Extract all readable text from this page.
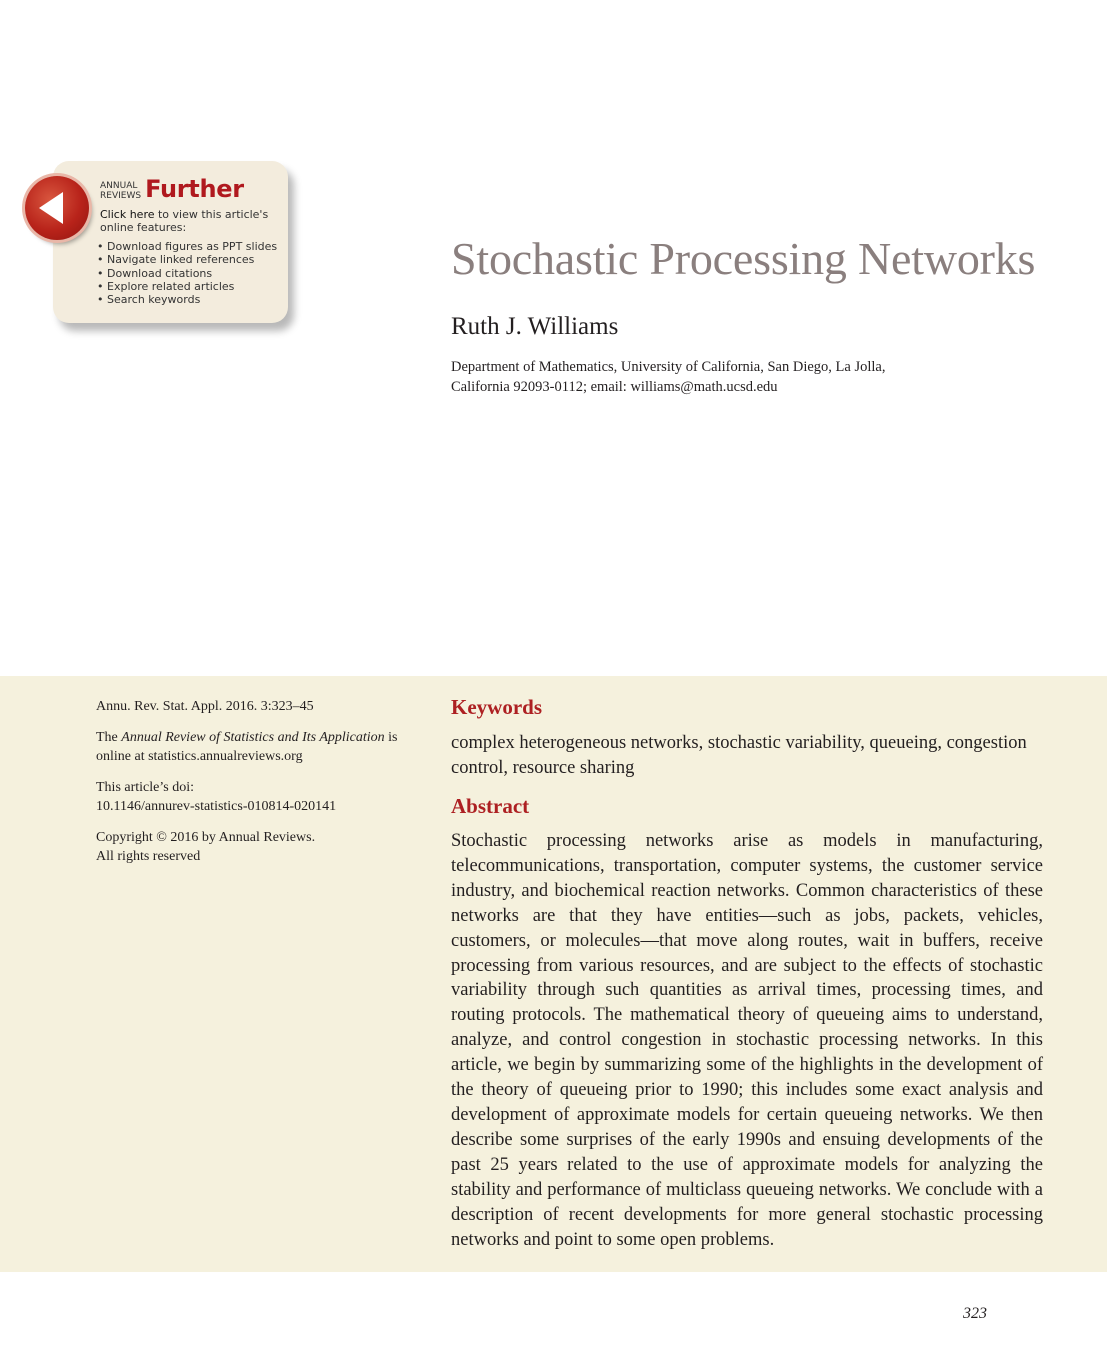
ANNUAL
REVIEWS Further
Click here to view this article's online features:
• Download figures as PPT slides
• Navigate linked references
• Download citations
• Explore related articles
• Search keywords
Stochastic Processing Networks
Ruth J. Williams
Department of Mathematics, University of California, San Diego, La Jolla,
California 92093-0112; email: williams@math.ucsd.edu
Annu. Rev. Stat. Appl. 2016. 3:323–45
The Annual Review of Statistics and Its Application is
online at statistics.annualreviews.org
This article’s doi:
10.1146/annurev-statistics-010814-020141
Copyright © 2016 by Annual Reviews.
All rights reserved
Keywords
complex heterogeneous networks, stochastic variability, queueing, congestion control, resource sharing
Abstract
Stochastic processing networks arise as models in manufacturing, telecommunications, transportation, computer systems, the customer service industry, and biochemical reaction networks. Common characteristics of these networks are that they have entities—such as jobs, packets, vehicles, customers, or molecules—that move along routes, wait in buffers, receive processing from various resources, and are subject to the effects of stochastic variability through such quantities as arrival times, processing times, and routing protocols. The mathematical theory of queueing aims to understand, analyze, and control congestion in stochastic processing networks. In this article, we begin by summarizing some of the highlights in the development of the theory of queueing prior to 1990; this includes some exact analysis and development of approximate models for certain queueing networks. We then describe some surprises of the early 1990s and ensuing developments of the past 25 years related to the use of approximate models for analyzing the stability and performance of multiclass queueing networks. We conclude with a description of recent developments for more general stochastic processing networks and point to some open problems.
323
